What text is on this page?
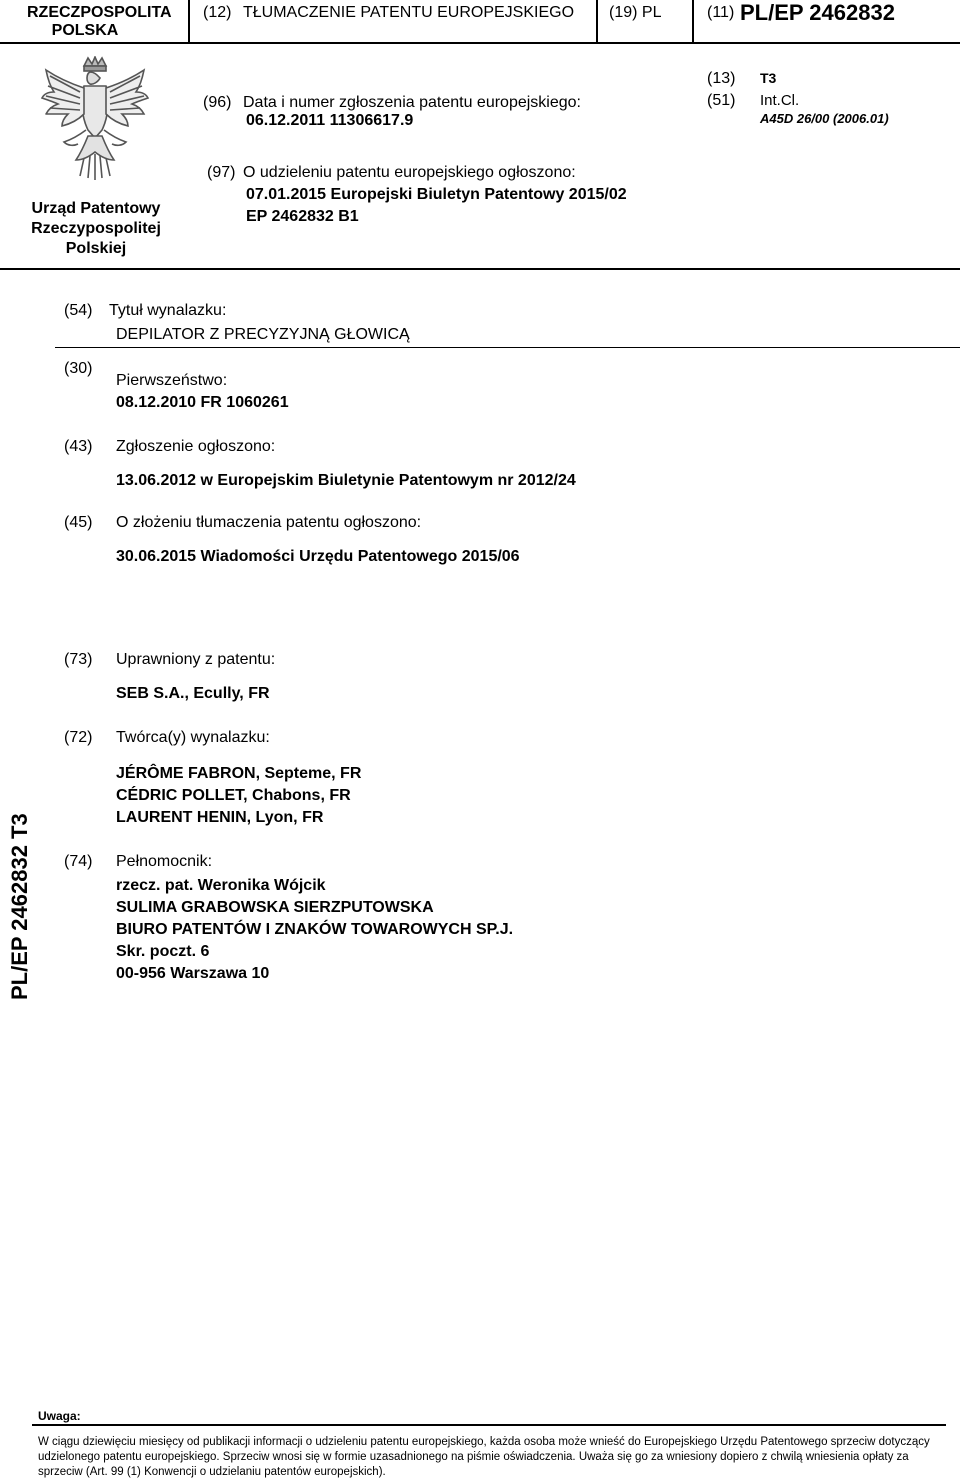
RZECZPOSPOLITA
POLSKA
(12) TŁUMACZENIE PATENTU EUROPEJSKIEGO (19) PL	(11) PL/EP 2462832
Urząd Patentowy
Rzeczypospolitej
Polskiej
(96) Data i numer zgłoszenia patentu europejskiego:
06.12.2011 11306617.9
(97) O udzieleniu patentu europejskiego ogłoszono:
07.01.2015 Europejski Biuletyn Patentowy 2015/02
EP 2462832 B1
(13) T3
(51) Int.Cl.
A45D 26/00 (2006.01)
(54) Tytuł wynalazku:
DEPILATOR Z PRECYZYJNĄ GŁOWICĄ
(30)
Pierwszeństwo:
08.12.2010 FR 1060261
(43) Zgłoszenie ogłoszono:
13.06.2012 w Europejskim Biuletynie Patentowym nr 2012/24
(45) O złożeniu tłumaczenia patentu ogłoszono:
30.06.2015 Wiadomości Urzędu Patentowego 2015/06
(73) Uprawniony z patentu:
SEB S.A., Ecully, FR
(72) Twórca(y) wynalazku:
JÉRÔME FABRON, Septeme, FR
CÉDRIC POLLET, Chabons, FR
LAURENT HENIN, Lyon, FR
(74) Pełnomocnik:
rzecz. pat. Weronika Wójcik
SULIMA GRABOWSKA SIERZPUTOWSKA
BIURO PATENTÓW I ZNAKÓW TOWAROWYCH SP.J.
Skr. poczt. 6
00-956 Warszawa 10
PL/EP 2462832 T3
Uwaga:
W ciągu dziewięciu miesięcy od publikacji informacji o udzieleniu patentu europejskiego, każda osoba może wnieść do Europejskiego Urzędu Patentowego sprzeciw dotyczący udzielonego patentu europejskiego. Sprzeciw wnosi się w formie uzasadnionego na piśmie oświadczenia. Uważa się go za wniesiony dopiero z chwilą wniesienia opłaty za sprzeciw (Art. 99 (1) Konwencji o udzielaniu patentów europejskich).
